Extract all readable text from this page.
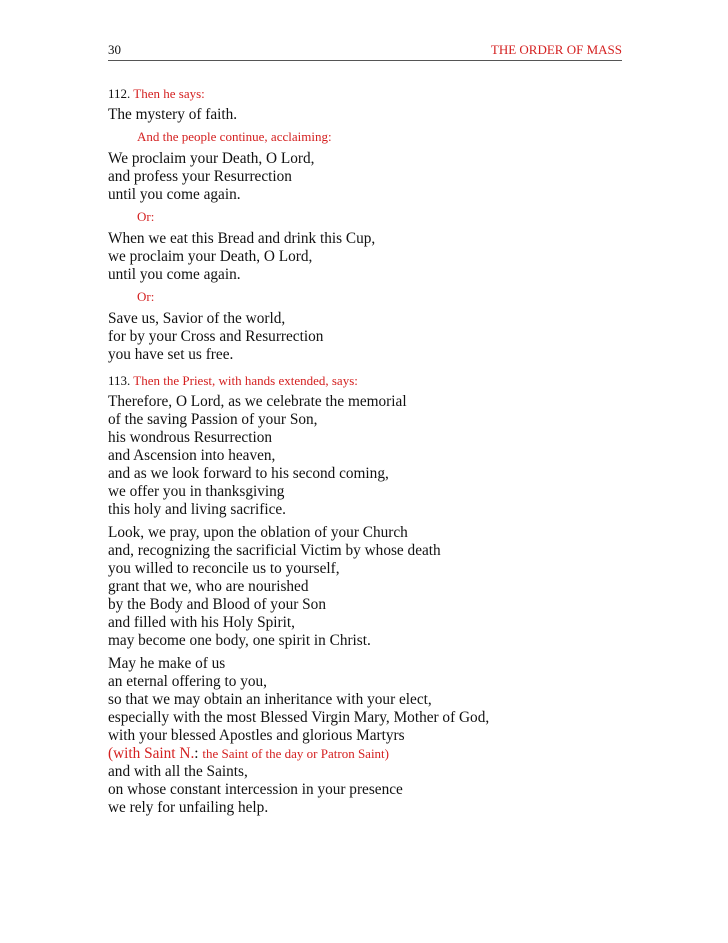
30	THE ORDER OF MASS
112. Then he says:
The mystery of faith.
And the people continue, acclaiming:
We proclaim your Death, O Lord,
and profess your Resurrection
until you come again.
Or:
When we eat this Bread and drink this Cup,
we proclaim your Death, O Lord,
until you come again.
Or:
Save us, Savior of the world,
for by your Cross and Resurrection
you have set us free.
113. Then the Priest, with hands extended, says:
Therefore, O Lord, as we celebrate the memorial
of the saving Passion of your Son,
his wondrous Resurrection
and Ascension into heaven,
and as we look forward to his second coming,
we offer you in thanksgiving
this holy and living sacrifice.
Look, we pray, upon the oblation of your Church
and, recognizing the sacrificial Victim by whose death
you willed to reconcile us to yourself,
grant that we, who are nourished
by the Body and Blood of your Son
and filled with his Holy Spirit,
may become one body, one spirit in Christ.
May he make of us
an eternal offering to you,
so that we may obtain an inheritance with your elect,
especially with the most Blessed Virgin Mary, Mother of God,
with your blessed Apostles and glorious Martyrs
(with Saint N.: the Saint of the day or Patron Saint)
and with all the Saints,
on whose constant intercession in your presence
we rely for unfailing help.
